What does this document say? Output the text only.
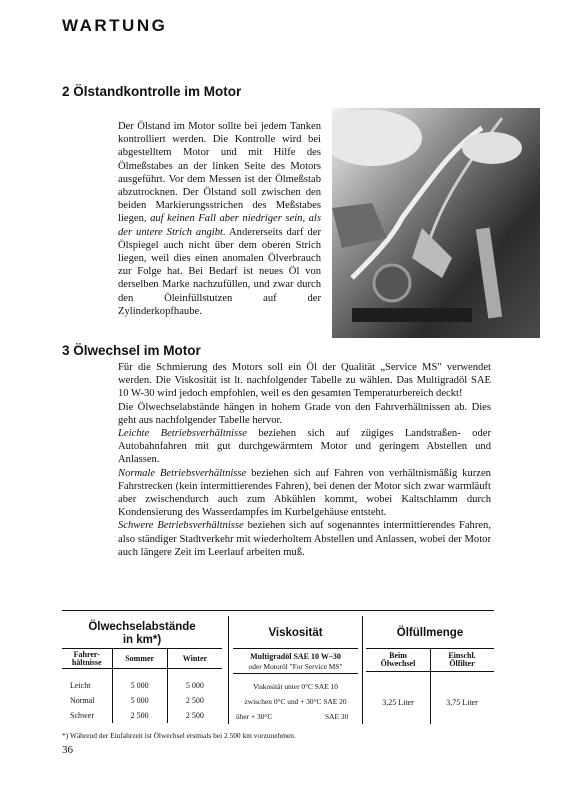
WARTUNG
2 Ölstandkontrolle im Motor
Der Ölstand im Motor sollte bei jedem Tanken kontrolliert werden. Die Kontrolle wird bei abgestelltem Motor und mit Hilfe des Ölmeßstabes an der linken Seite des Motors ausgeführt. Vor dem Messen ist der Ölmeßstab abzutrocknen. Der Ölstand soll zwischen den beiden Markierungsstrichen des Meßstabes liegen, auf keinen Fall aber niedriger sein, als der untere Strich angibt. Andererseits darf der Ölspiegel auch nicht über dem oberen Strich liegen, weil dies einen anomalen Ölverbrauch zur Folge hat. Bei Bedarf ist neues Öl von derselben Marke nachzufüllen, und zwar durch den Öleinfüllstutzen auf der Zylinderkopfhaube.
3 Ölwechsel im Motor

Für die Schmierung des Motors soll ein Öl der Qualität „Service MS" verwendet werden. Die Viskosität ist lt. nachfolgender Tabelle zu wählen. Das Multigradöl SAE 10 W-30 wird jedoch empfohlen, weil es den gesamten Temperaturbereich deckt!

Die Ölwechselabstände hängen in hohem Grade von den Fahrverhältnissen ab. Dies geht aus nachfolgender Tabelle hervor.

Leichte Betriebsverhältnisse beziehen sich auf zügiges Landstraßen- oder Autobahnfahren mit gut durchgewärmtem Motor und geringem Abstellen und Anlassen.

Normale Betriebsverhältnisse beziehen sich auf Fahren von verhältnismäßig kurzen Fahrstrecken (kein intermittierendes Fahren), bei denen der Motor sich zwar warmläuft aber zwischendurch auch zum Abkühlen kommt, wobei Kaltschlamm durch Kondensierung des Wasserdampfes im Kurbelgehäuse entsteht.

Schwere Betriebsverhältnisse beziehen sich auf sogenanntes intermittierendes Fahren, also ständiger Stadtverkehr mit wiederholtem Abstellen und Anlassen, wobei der Motor auch längere Zeit im Leerlauf arbeiten muß.

Ölwechselabstände
in km*)
Viskosität	Ölfüllmenge
Fahrer-
hältnisse	Sommer	Winter

Leicht	5 000	5 000
Normal	5 000	2 500
Schwer	2 500	2 500
Multigradöl SAE 10 W–30
oder Motoröl "For Service MS"
Viskosität unter 0°C SAE 10
zwischen 0°C und + 30°C SAE 20
über + 30°C	SAE 30
Beim
Ölwechsel
Einschl.
Ölfilter
3,25 Liter	3,75 Liter
*) Während der Einfahrzeit ist Ölwechsel erstmals bei 2 500 km vorzunehmen.
36
